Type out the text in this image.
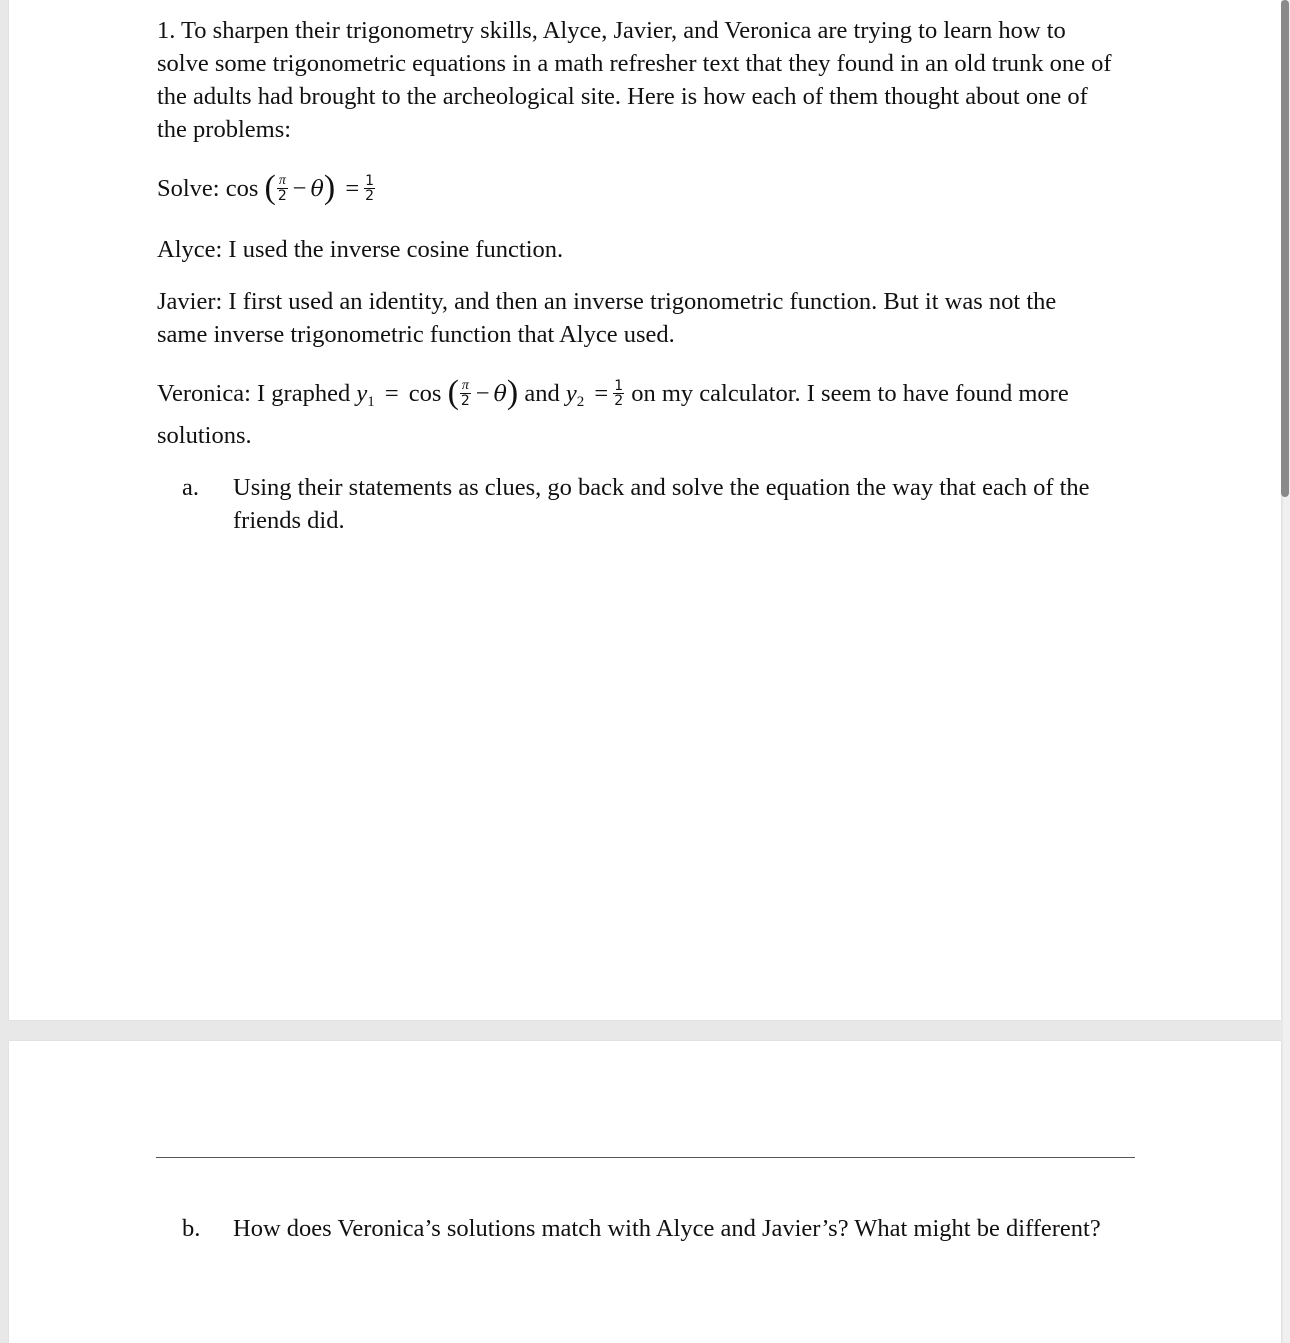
1. To sharpen their trigonometry skills, Alyce, Javier, and Veronica are trying to learn how to
solve some trigonometric equations in a math refresher text that they found in an old trunk one of
the adults had brought to the archeological site. Here is how each of them thought about one of
the problems:
Solve: cos ( $\frac{\pi}{2} - \theta) = \frac{1}{2}$
Alyce: I used the inverse cosine function.
Javier: I first used an identity, and then an inverse trigonometric function. But it was not the
same inverse trigonometric function that Alyce used.
Veronica: I graphed $y_1 = \cos$ ( $\frac{\pi}{2} - \theta$) and $y_2 = \frac{1}{2}$ on my calculator. I seem to have found more
solutions.
a. Using their statements as clues, go back and solve the equation the way that each of the
friends did.
b. How does Veronica’s solutions match with Alyce and Javier’s? What might be different?
